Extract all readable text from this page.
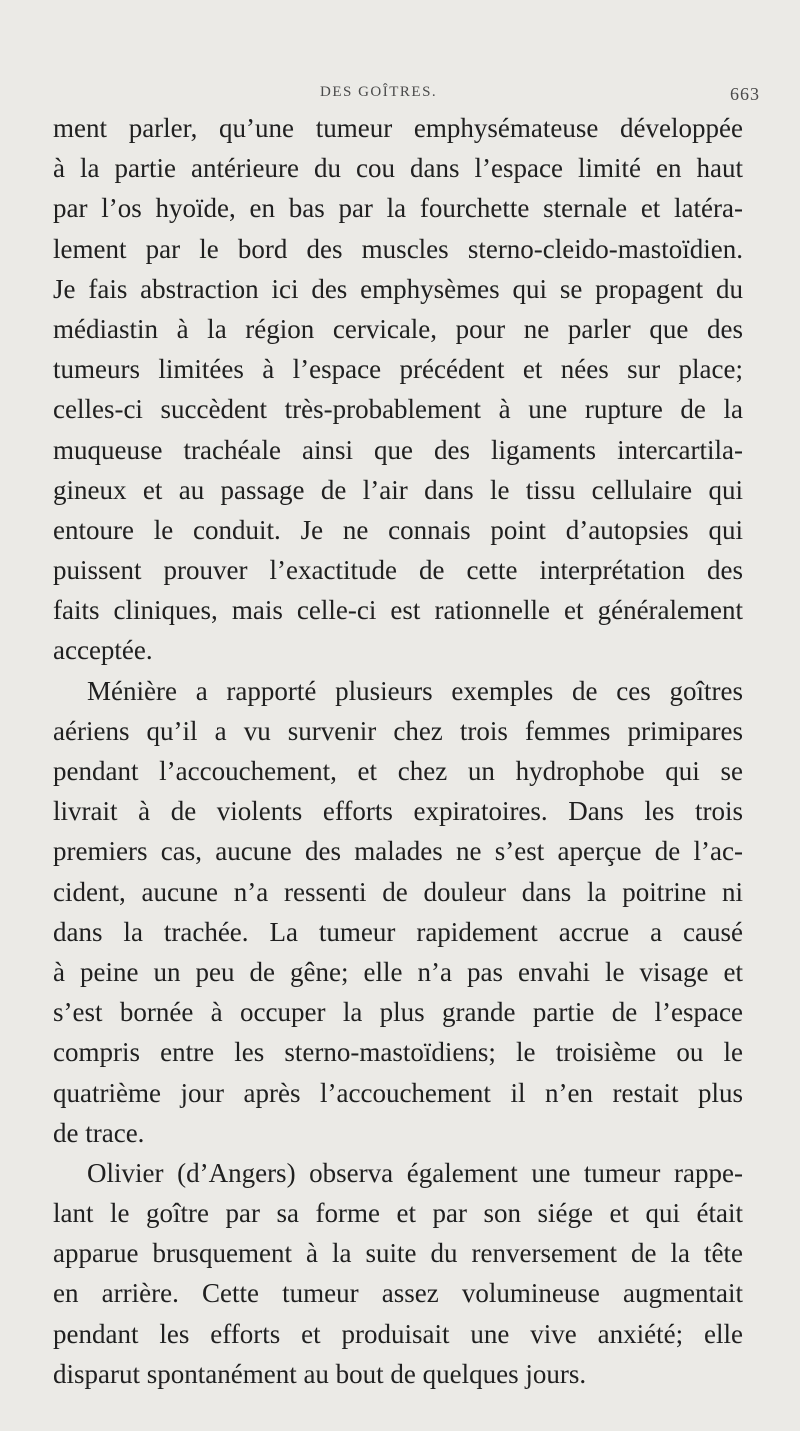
DES GOÎTRES.	663
ment parler, qu’une tumeur emphysémateuse développée
à la partie antérieure du cou dans l’espace limité en haut
par l’os hyoïde, en bas par la fourchette sternale et latéra-
lement par le bord des muscles sterno-cleido-mastoïdien.
Je fais abstraction ici des emphysèmes qui se propagent du
médiastin à la région cervicale, pour ne parler que des
tumeurs limitées à l’espace précédent et nées sur place;
celles-ci succèdent très-probablement à une rupture de la
muqueuse trachéale ainsi que des ligaments intercartila-
gineux et au passage de l’air dans le tissu cellulaire qui
entoure le conduit. Je ne connais point d’autopsies qui
puissent prouver l’exactitude de cette interprétation des
faits cliniques, mais celle-ci est rationnelle et généralement
acceptée.
Ménière a rapporté plusieurs exemples de ces goîtres
aériens qu’il a vu survenir chez trois femmes primipares
pendant l’accouchement, et chez un hydrophobe qui se
livrait à de violents efforts expiratoires. Dans les trois
premiers cas, aucune des malades ne s’est aperçue de l’ac-
cident, aucune n’a ressenti de douleur dans la poitrine ni
dans la trachée. La tumeur rapidement accrue a causé
à peine un peu de gêne; elle n’a pas envahi le visage et
s’est bornée à occuper la plus grande partie de l’espace
compris entre les sterno-mastoïdiens; le troisième ou le
quatrième jour après l’accouchement il n’en restait plus
de trace.
Olivier (d’Angers) observa également une tumeur rappe-
lant le goître par sa forme et par son siége et qui était
apparue brusquement à la suite du renversement de la tête
en arrière. Cette tumeur assez volumineuse augmentait
pendant les efforts et produisait une vive anxiété; elle
disparut spontanément au bout de quelques jours.
